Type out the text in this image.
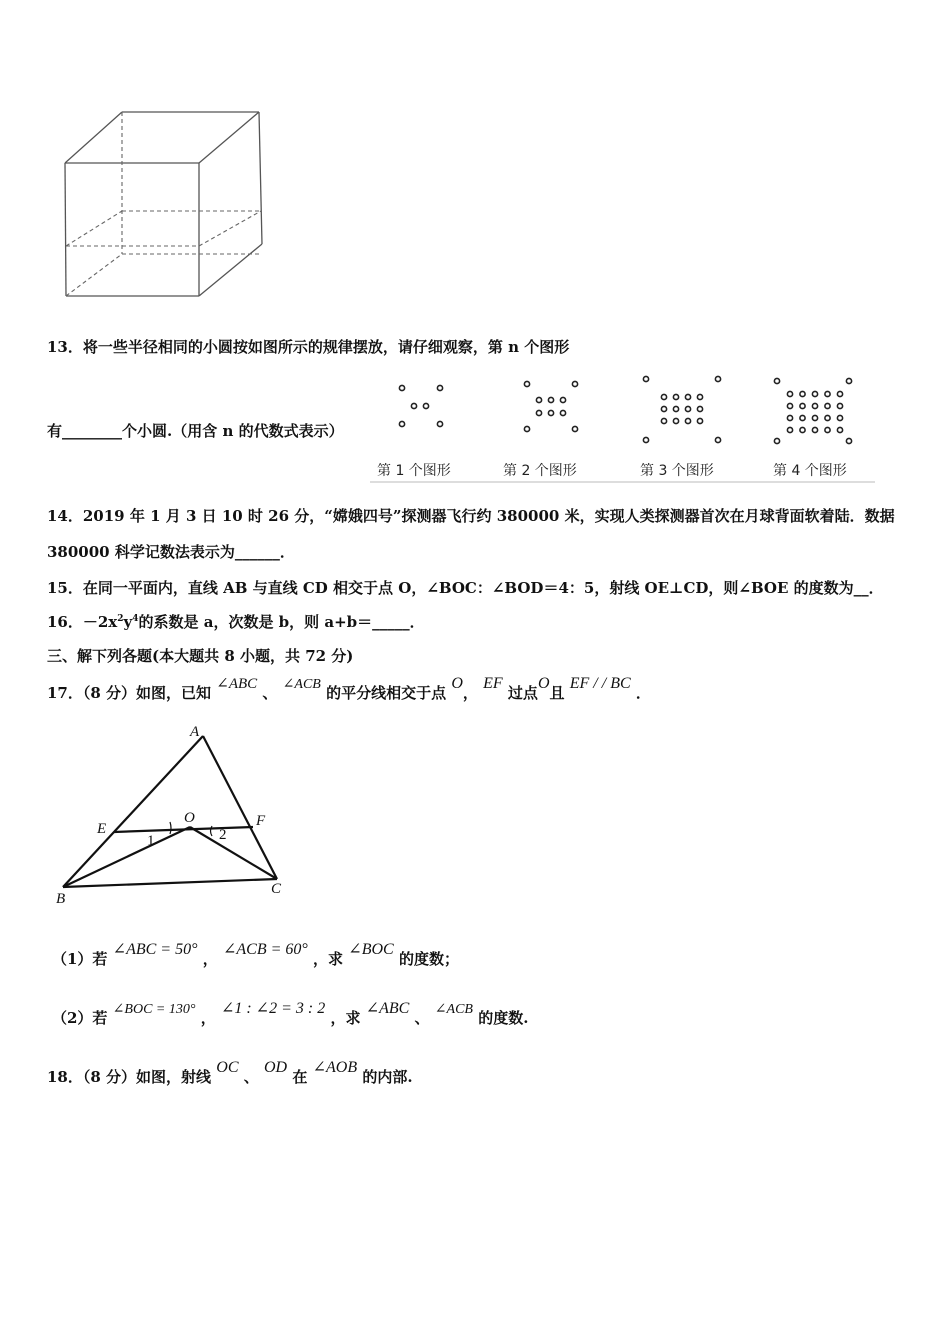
13．将一些半径相同的小圆按如图所示的规律摆放，请仔细观察，第 n 个图形
有________个小圆.（用含 n 的代数式表示）
第 1 个图形	第 2 个图形	第 3 个图形	第 4 个图形
14．2019 年 1 月 3 日 10 时 26 分，“嫦娥四号”探测器飞行约 380000 米，实现人类探测器首次在月球背面软着陆．数据
380000 科学记数法表示为______．
15．在同一平面内，直线 AB 与直线 CD 相交于点 O，∠BOC：∠BOD＝4：5，射线 OE⊥CD，则∠BOE 的度数为__．
16．$-2x^2y^4$的系数是 a，次数是 b，则 a+b＝_____．
三、解下列各题(本大题共 8 小题，共 72 分)
17．（8 分）如图，已知 ∠ABC 、 ∠ACB 的平分线相交于点 O， EF 过点O且 EF / / BC ．
A
B
C
E	F
O
1	2
（1）若 ∠ABC = 50° ， ∠ACB = 60° ，求 ∠BOC 的度数；
（2）若 ∠BOC = 130° ， ∠1 : ∠2 = 3 : 2 ，求 ∠ABC 、 ∠ACB 的度数.
18．（8 分）如图，射线 OC 、 OD 在 ∠AOB 的内部.
